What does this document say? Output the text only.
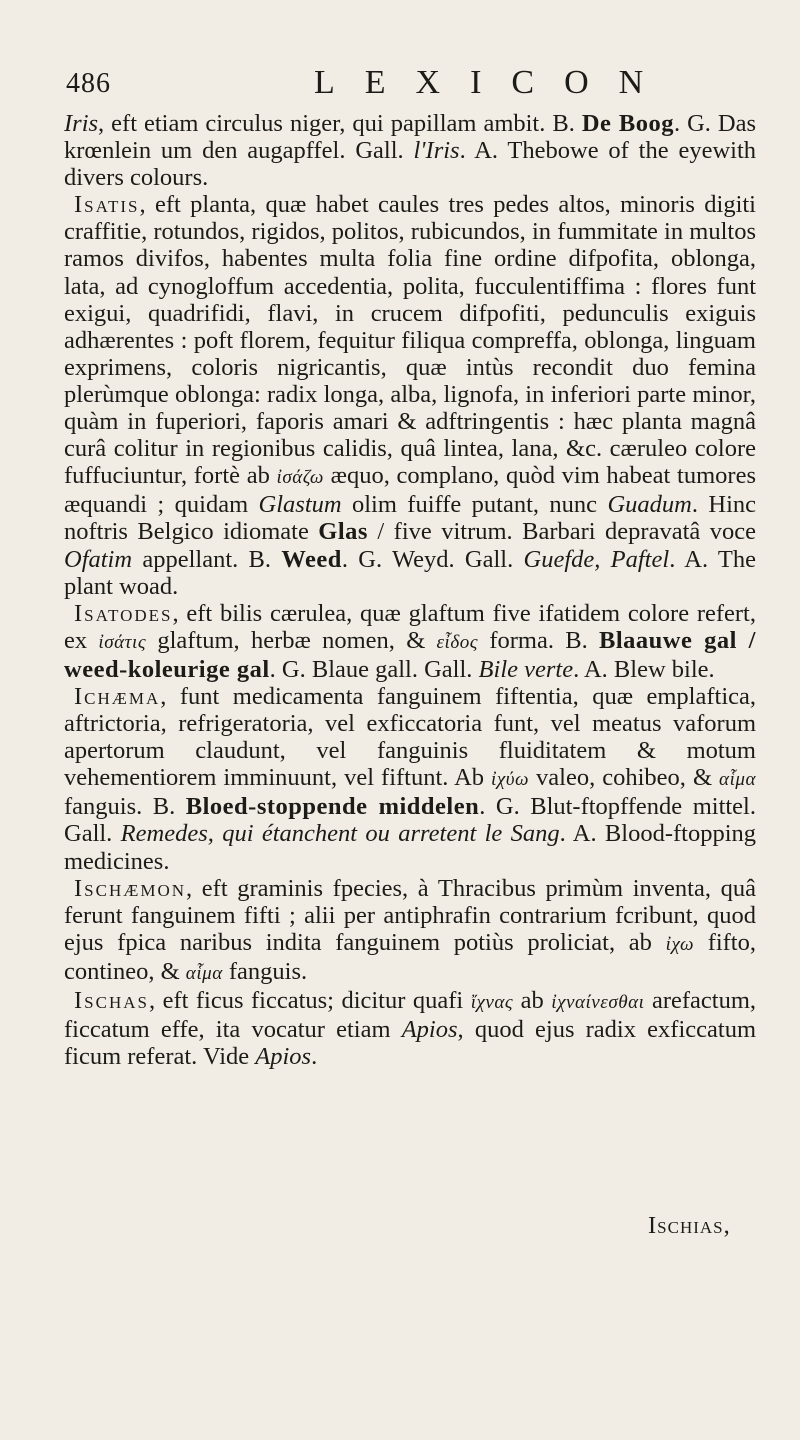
486	LEXICON

Iris, eft etiam circulus niger, qui papillam ambit. B. De Boog. G. Das krœnlein um den augapffel. Gall. l'Iris. A. Thebowe of the eyewith divers colours.

Isatis, eft planta, quæ habet caules tres pedes altos, minoris digiti craffitie, rotundos, rigidos, politos, rubicundos, in fummitate in multos ramos divifos, habentes multa folia fine ordine difpofita, oblonga, lata, ad cynogloffum accedentia, polita, fucculentiffima : flores funt exigui, quadrifidi, flavi, in crucem difpofiti, pedunculis exiguis adhærentes : poft florem, fequitur filiqua compreffa, oblonga, linguam exprimens, coloris nigricantis, quæ intùs recondit duo femina plerùmque oblonga: radix longa, alba, lignofa, in inferiori parte minor, quàm in fuperiori, faporis amari & adftringentis : hæc planta magnâ curâ colitur in regionibus calidis, quâ lintea, lana, &c. cæruleo colore fuffuciuntur, fortè ab ἰσάζω æquo, complano, quòd vim habeat tumores æquandi ; quidam Glastum olim fuiffe putant, nunc Guadum. Hinc noftris Belgico idiomate Glas / five vitrum. Barbari depravatâ voce Ofatim appellant. B. Weed. G. Weyd. Gall. Guefde, Paftel. A. The plant woad.

Isatodes, eft bilis cærulea, quæ glaftum five ifatidem colore refert, ex ἰσάτις glaftum, herbæ nomen, & εἶδος forma. B. Blaauwe gal / weed-koleurige gal. G. Blaue gall. Gall. Bile verte. A. Blew bile.

Ichæma, funt medicamenta fanguinem fiftentia, quæ emplaftica, aftrictoria, refrigeratoria, vel exficcatoria funt, vel meatus vaforum apertorum claudunt, vel fanguinis fluiditatem & motum vehementiorem imminuunt, vel fiftunt. Ab ἰχύω valeo, cohibeo, & αἷμα fanguis. B. Bloed-stoppende middelen. G. Blut-ftopffende mittel. Gall. Remedes, qui étanchent ou arretent le Sang. A. Blood-ftopping medicines.

Ischæmon, eft graminis fpecies, à Thracibus primùm inventa, quâ ferunt fanguinem fifti ; alii per antiphrafin contrarium fcribunt, quod ejus fpica naribus indita fanguinem potiùs proliciat, ab ἰχω fifto, contineo, & αἷμα fanguis.

Ischas, eft ficus ficcatus; dicitur quafi ἴχνας ab ἰχναίνεσθαι arefactum, ficcatum effe, ita vocatur etiam Apios, quod ejus radix exficcatum ficum referat. Vide Apios.

Ischias,
